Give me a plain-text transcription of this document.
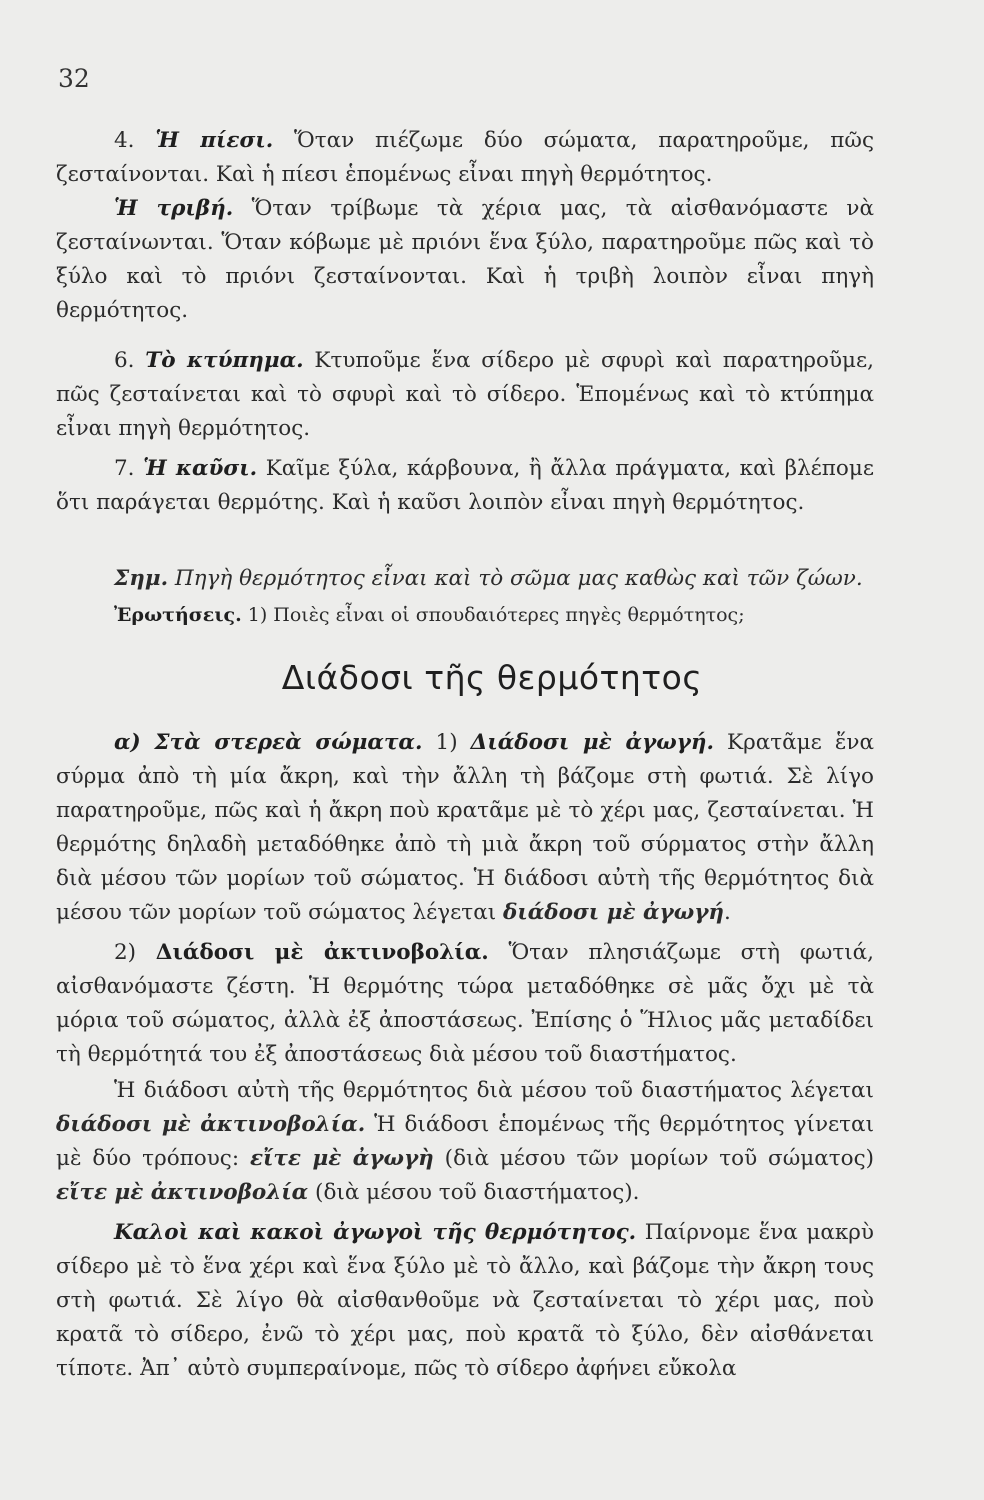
32

4. Ἡ πίεσι. Ὅταν πιέζωμε δύο σώματα, παρατηροῦμε, πῶς ζεσταίνονται. Καὶ ἡ πίεσι ἑπομένως εἶναι πηγὴ θερμότητος.

Ἡ τριβή. Ὅταν τρίβωμε τὰ χέρια μας, τὰ αἰσθανόμαστε νὰ ζεσταίνωνται. Ὅταν κόβωμε μὲ πριόνι ἕνα ξύλο, παρατηροῦμε πῶς καὶ τὸ ξύλο καὶ τὸ πριόνι ζεσταίνονται. Καὶ ἡ τριβὴ λοιπὸν εἶναι πηγὴ θερμότητος.

6. Τὸ κτύπημα. Κτυποῦμε ἕνα σίδερο μὲ σφυρὶ καὶ παρατηροῦμε, πῶς ζεσταίνεται καὶ τὸ σφυρὶ καὶ τὸ σίδερο. Ἑπομένως καὶ τὸ κτύπημα εἶναι πηγὴ θερμότητος.

7. Ἡ καῦσι. Καῖμε ξύλα, κάρβουνα, ἢ ἄλλα πράγματα, καὶ βλέπομε ὅτι παράγεται θερμότης. Καὶ ἡ καῦσι λοιπὸν εἶναι πηγὴ θερμότητος.

Σημ. Πηγὴ θερμότητος εἶναι καὶ τὸ σῶμα μας καθὼς καὶ τῶν ζώων.

Ἐρωτήσεις. 1) Ποιὲς εἶναι οἱ σπουδαιότερες πηγὲς θερμότητος;

Διάδοσι τῆς θερμότητος

α) Στὰ στερεὰ σώματα. 1) Διάδοσι μὲ ἀγωγή. Κρατᾶμε ἕνα σύρμα ἀπὸ τὴ μία ἄκρη, καὶ τὴν ἄλλη τὴ βάζομε στὴ φωτιά. Σὲ λίγο παρατηροῦμε, πῶς καὶ ἡ ἄκρη ποὺ κρατᾶμε μὲ τὸ χέρι μας, ζεσταίνεται. Ἡ θερμότης δηλαδὴ μεταδόθηκε ἀπὸ τὴ μιὰ ἄκρη τοῦ σύρματος στὴν ἄλλη διὰ μέσου τῶν μορίων τοῦ σώματος. Ἡ διάδοσι αὐτὴ τῆς θερμότητος διὰ μέσου τῶν μορίων τοῦ σώματος λέγεται διάδοσι μὲ ἀγωγή.

2) Διάδοσι μὲ ἀκτινοβολία. Ὅταν πλησιάζωμε στὴ φωτιά, αἰσθανόμαστε ζέστη. Ἡ θερμότης τώρα μεταδόθηκε σὲ μᾶς ὄχι μὲ τὰ μόρια τοῦ σώματος, ἀλλὰ ἐξ ἀποστάσεως. Ἐπίσης ὁ Ἥλιος μᾶς μεταδίδει τὴ θερμότητά του ἐξ ἀποστάσεως διὰ μέσου τοῦ διαστήματος.

Ἡ διάδοσι αὐτὴ τῆς θερμότητος διὰ μέσου τοῦ διαστήματος λέγεται διάδοσι μὲ ἀκτινοβολία. Ἡ διάδοσι ἑπομένως τῆς θερμότητος γίνεται μὲ δύο τρόπους: εἴτε μὲ ἀγωγὴ (διὰ μέσου τῶν μορίων τοῦ σώματος) εἴτε μὲ ἀκτινοβολία (διὰ μέσου τοῦ διαστήματος).

Καλοὶ καὶ κακοὶ ἀγωγοὶ τῆς θερμότητος. Παίρνομε ἕνα μακρὺ σίδερο μὲ τὸ ἕνα χέρι καὶ ἕνα ξύλο μὲ τὸ ἄλλο, καὶ βάζομε τὴν ἄκρη τους στὴ φωτιά. Σὲ λίγο θὰ αἰσθανθοῦμε νὰ ζεσταίνεται τὸ χέρι μας, ποὺ κρατᾶ τὸ σίδερο, ἐνῶ τὸ χέρι μας, ποὺ κρατᾶ τὸ ξύλο, δὲν αἰσθάνεται τίποτε. Ἀπ᾿ αὐτὸ συμπεραίνομε, πῶς τὸ σίδερο ἀφήνει εὔκολα
